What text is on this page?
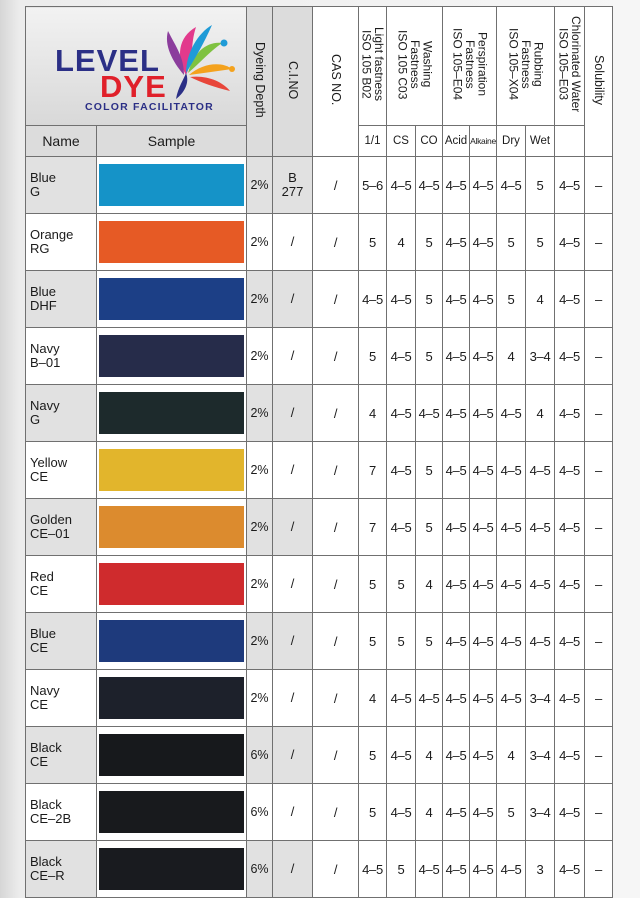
LEVEL
DYE
COLOR FACILITATOR		Dyeing Depth	C.I.NO	CAS NO.	Light fastness
ISO 105 B02	Washing
Fastness
ISO 105 C03		Perspiration
Fastness
ISO 105–E04		Rubbing
Fastness
ISO 105–X04		Chlorinated Water
ISO 105–E03	Solubility
Name	Sample				1/1	CS	CO	Acid	Alkaine	Dry	Wet		

Blue
G		2%	B
277	/	5–6	4–5	4–5	4–5	4–5	4–5	5	4–5	–

Orange
RG		2%	/	/	5	4	5	4–5	4–5	5	5	4–5	–

Blue
DHF		2%	/	/	4–5	4–5	5	4–5	4–5	5	4	4–5	–

Navy
B–01		2%	/	/	5	4–5	5	4–5	4–5	4	3–4	4–5	–

Navy
G		2%	/	/	4	4–5	4–5	4–5	4–5	4–5	4	4–5	–

Yellow
CE		2%	/	/	7	4–5	5	4–5	4–5	4–5	4–5	4–5	–

Golden
CE–01		2%	/	/	7	4–5	5	4–5	4–5	4–5	4–5	4–5	–

Red
CE		2%	/	/	5	5	4	4–5	4–5	4–5	4–5	4–5	–

Blue
CE		2%	/	/	5	5	5	4–5	4–5	4–5	4–5	4–5	–

Navy
CE		2%	/	/	4	4–5	4–5	4–5	4–5	4–5	3–4	4–5	–

Black
CE		6%	/	/	5	4–5	4	4–5	4–5	4	3–4	4–5	–

Black
CE–2B		6%	/	/	5	4–5	4	4–5	4–5	5	3–4	4–5	–

Black
CE–R		6%	/	/	4–5	5	4–5	4–5	4–5	4–5	3	4–5	–
